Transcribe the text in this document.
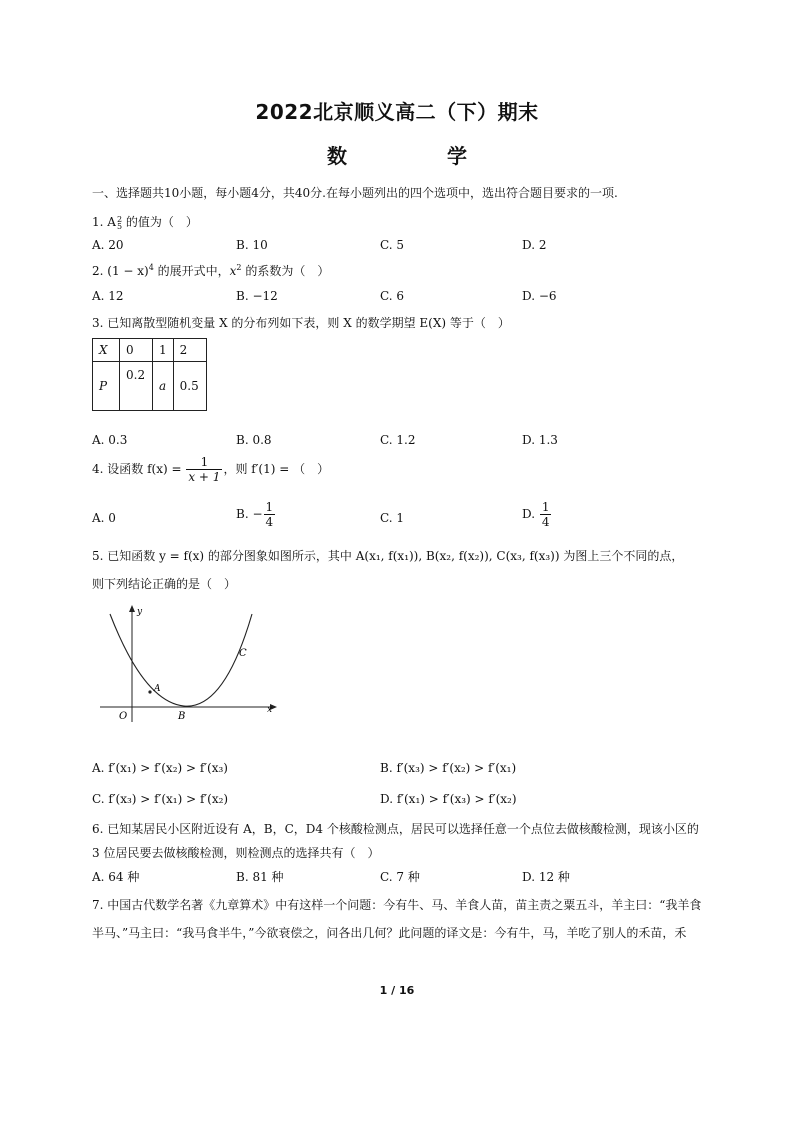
2022北京顺义高二（下）期末
数　学
一、选择题共10小题，每小题4分，共40分.在每小题列出的四个选项中，选出符合题目要求的一项.
1. A 2
5 的值为（　）
A. 20	B. 10	C. 5	D. 2
2. $(1 - x)^4$ 的展开式中，$x^2$ 的系数为（　）
A. 12	B. −12	C. 6	D. −6
3. 已知离散型随机变量 X 的分布列如下表，则 X 的数学期望 E(X) 等于（　）
X	0	1	2
P	0.2	a	0.5
A. 0.3	B. 0.8	C. 1.2	D. 1.3
4. 设函数 $f(x) = \frac{1}{x + 1}$ ，则 f′(1) = （　）
A. 0	B. − $\frac{1}{4}$	C. 1	D. $\frac{1}{4}$
5. 已知函数 y = f(x) 的部分图象如图所示，其中 A(x₁, f(x₁)), B(x₂, f(x₂)), C(x₃, f(x₃)) 为图上三个不同的点，
则下列结论正确的是（　）
y
x
O
A
B
C
A. f′(x₁) > f′(x₂) > f′(x₃)	B. f′(x₃) > f′(x₂) > f′(x₁)
C. f′(x₃) > f′(x₁) > f′(x₂)	D. f′(x₁) > f′(x₃) > f′(x₂)
6. 已知某居民小区附近设有 A，B，C，D4 个核酸检测点，居民可以选择任意一个点位去做核酸检测，现该小区的
3 位居民要去做核酸检测，则检测点的选择共有（　）
A. 64 种	B. 81 种	C. 7 种	D. 12 种
7. 中国古代数学名著《九章算术》中有这样一个问题：今有牛、马、羊食人苗，苗主责之粟五斗，羊主曰：“我羊食
半马、”马主曰：“我马食半牛，”今欲衰偿之，问各出几何？此问题的译文是：今有牛，马，羊吃了别人的禾苗，禾
1 / 16
